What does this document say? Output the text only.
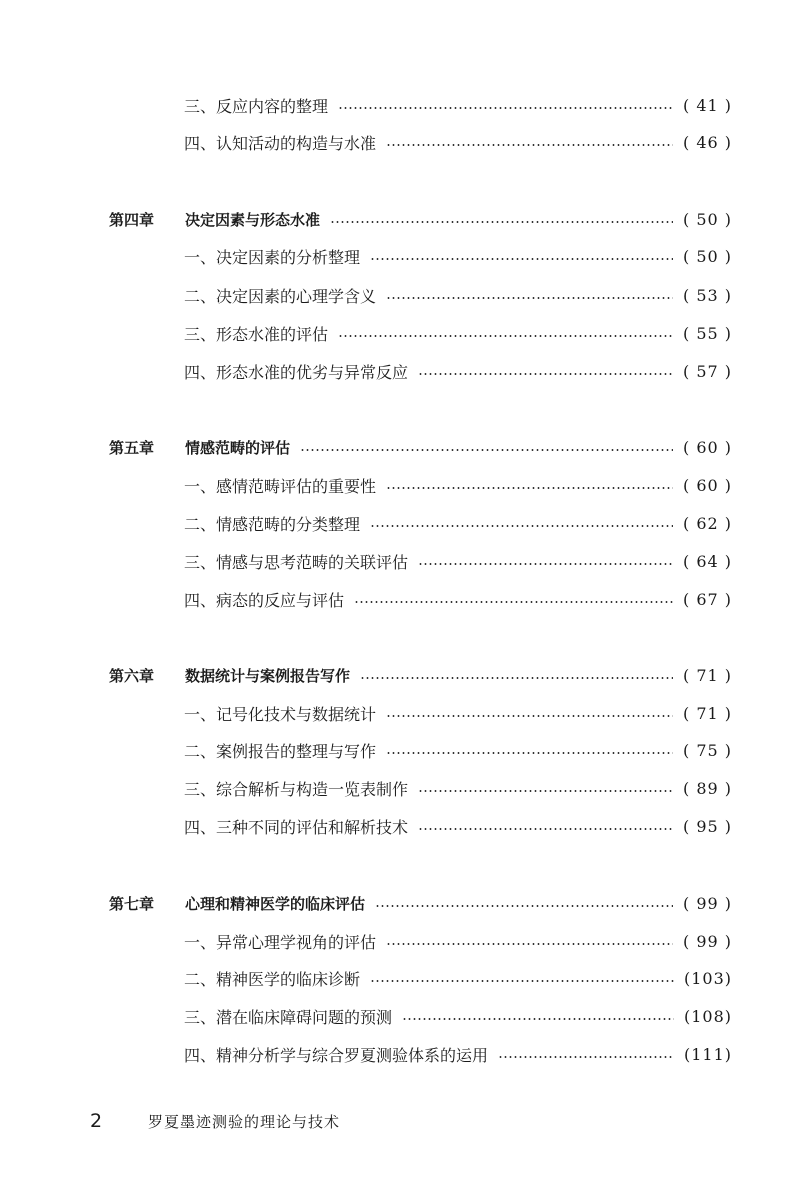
三、反应内容的整理	( 41 )
四、认知活动的构造与水准	( 46 )
第四章	决定因素与形态水准	( 50 )
一、决定因素的分析整理	( 50 )
二、决定因素的心理学含义	( 53 )
三、形态水准的评估	( 55 )
四、形态水准的优劣与异常反应	( 57 )
第五章	情感范畴的评估	( 60 )
一、感情范畴评估的重要性	( 60 )
二、情感范畴的分类整理	( 62 )
三、情感与思考范畴的关联评估	( 64 )
四、病态的反应与评估	( 67 )
第六章	数据统计与案例报告写作	( 71 )
一、记号化技术与数据统计	( 71 )
二、案例报告的整理与写作	( 75 )
三、综合解析与构造一览表制作	( 89 )
四、三种不同的评估和解析技术	( 95 )
第七章	心理和精神医学的临床评估	( 99 )
一、异常心理学视角的评估	( 99 )
二、精神医学的临床诊断	(103)
三、潜在临床障碍问题的预测	(108)
四、精神分析学与综合罗夏测验体系的运用	(111)
2	罗夏墨迹测验的理论与技术
